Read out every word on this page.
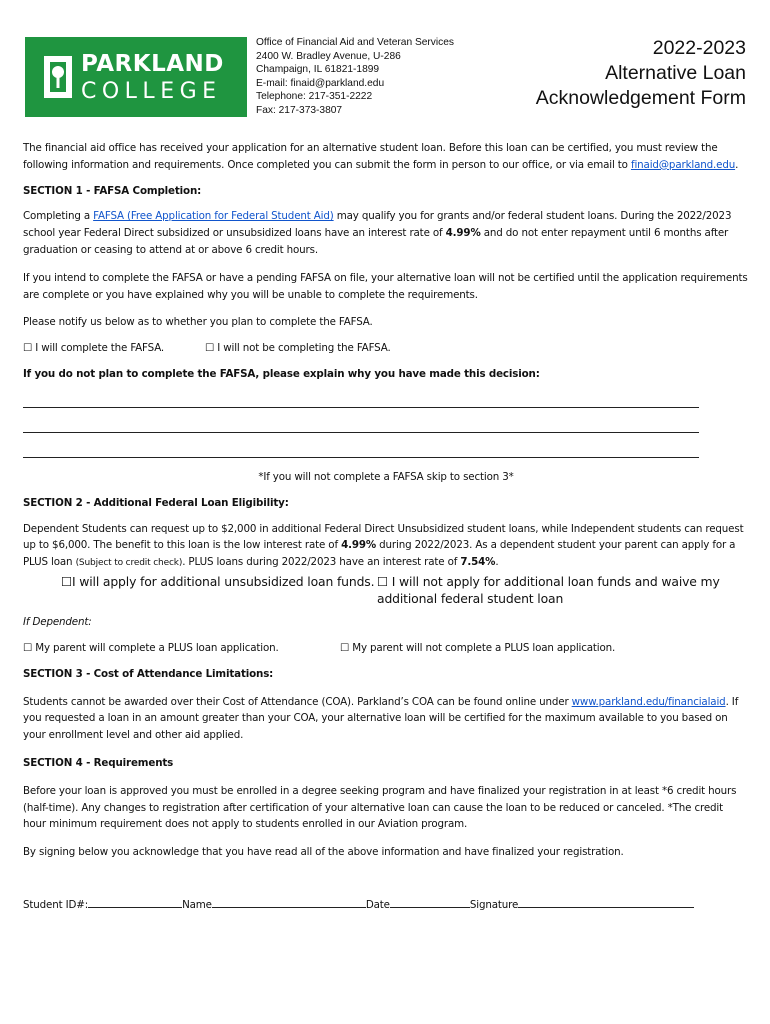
PARKLAND
COLLEGE
Office of Financial Aid and Veteran Services
2400 W. Bradley Avenue, U-286
Champaign, IL 61821-1899
E-mail: finaid@parkland.edu
Telephone: 217-351-2222
Fax: 217-373-3807
2022-2023
Alternative Loan
Acknowledgement Form

The financial aid office has received your application for an alternative student loan. Before this loan can be certified, you must review the following information and requirements. Once completed you can submit the form in person to our office, or via email to finaid@parkland.edu.

SECTION 1 - FAFSA Completion:

Completing a FAFSA (Free Application for Federal Student Aid) may qualify you for grants and/or federal student loans. During the 2022/2023 school year Federal Direct subsidized or unsubsidized loans have an interest rate of 4.99% and do not enter repayment until 6 months after graduation or ceasing to attend at or above 6 credit hours.

If you intend to complete the FAFSA or have a pending FAFSA on file, your alternative loan will not be certified until the application requirements are complete or you have explained why you will be unable to complete the requirements.

Please notify us below as to whether you plan to complete the FAFSA.

☐ I will complete the FAFSA.	☐ I will not be completing the FAFSA.

If you do not plan to complete the FAFSA, please explain why you have made this decision:

*If you will not complete a FAFSA skip to section 3*

SECTION 2 - Additional Federal Loan Eligibility:

Dependent Students can request up to $2,000 in additional Federal Direct Unsubsidized student loans, while Independent students can request up to $6,000. The benefit to this loan is the low interest rate of 4.99% during 2022/2023. As a dependent student your parent can apply for a PLUS loan (Subject to credit check). PLUS loans during 2022/2023 have an interest rate of 7.54%.

☐I will apply for additional unsubsidized loan funds. ☐ I will not apply for additional loan funds and waive my additional federal student loan

If Dependent:

☐ My parent will complete a PLUS loan application.	☐ My parent will not complete a PLUS loan application.

SECTION 3 - Cost of Attendance Limitations:

Students cannot be awarded over their Cost of Attendance (COA). Parkland’s COA can be found online under www.parkland.edu/financialaid. If you requested a loan in an amount greater than your COA, your alternative loan will be certified for the maximum available to you based on your enrollment level and other aid applied.

SECTION 4 - Requirements

Before your loan is approved you must be enrolled in a degree seeking program and have finalized your registration in at least *6 credit hours (half-time). Any changes to registration after certification of your alternative loan can cause the loan to be reduced or canceled. *The credit hour minimum requirement does not apply to students enrolled in our Aviation program.

By signing below you acknowledge that you have read all of the above information and have finalized your registration.

Student ID#:	Name	Date	Signature
